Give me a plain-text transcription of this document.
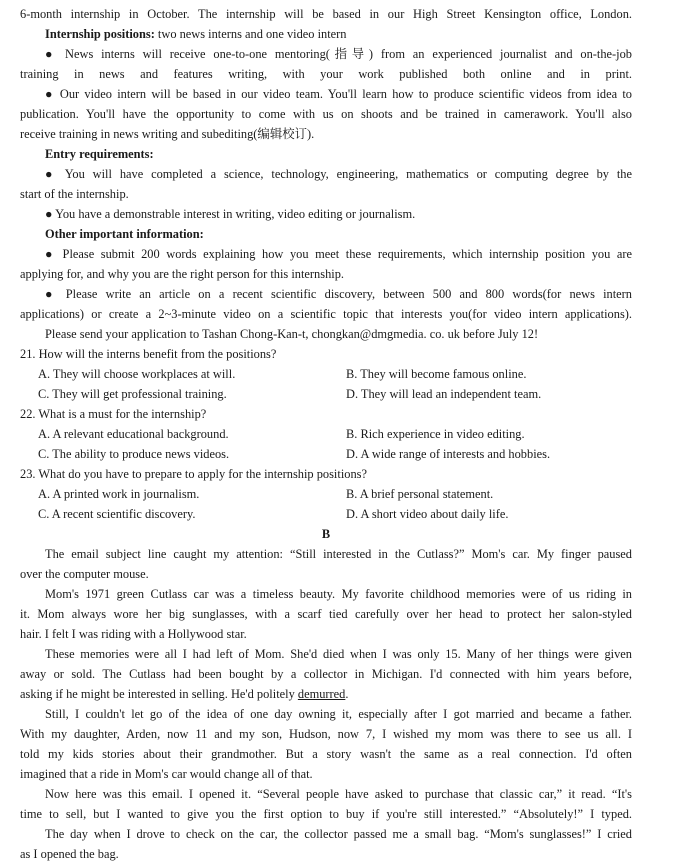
6-month internship in October. The internship will be based in our High Street Kensington office, London.
Internship positions: two news interns and one video intern
● News interns will receive one-to-one mentoring(指导) from an experienced journalist and on-the-job
training in news and features writing, with your work published both online and in print.
● Our video intern will be based in our video team. You'll learn how to produce scientific videos from idea to
publication. You'll have the opportunity to come with us on shoots and be trained in camerawork. You'll also
receive training in news writing and subediting(编辑校订).
Entry requirements:
● You will have completed a science, technology, engineering, mathematics or computing degree by the
start of the internship.
● You have a demonstrable interest in writing, video editing or journalism.
Other important information:
● Please submit 200 words explaining how you meet these requirements, which internship position you are
applying for, and why you are the right person for this internship.
● Please write an article on a recent scientific discovery, between 500 and 800 words(for news intern
applications) or create a 2~3-minute video on a scientific topic that interests you(for video intern applications).
Please send your application to Tashan Chong-Kan-t, chongkan@dmgmedia. co. uk before July 12!
21. How will the interns benefit from the positions?
A. They will choose workplaces at will.	B. They will become famous online.
C. They will get professional training.	D. They will lead an independent team.
22. What is a must for the internship?
A. A relevant educational background.	B. Rich experience in video editing.
C. The ability to produce news videos.	D. A wide range of interests and hobbies.
23. What do you have to prepare to apply for the internship positions?
A. A printed work in journalism.	B. A brief personal statement.
C. A recent scientific discovery.	D. A short video about daily life.
B
The email subject line caught my attention: “Still interested in the Cutlass?” Mom's car. My finger paused
over the computer mouse.
Mom's 1971 green Cutlass car was a timeless beauty. My favorite childhood memories were of us riding in
it. Mom always wore her big sunglasses, with a scarf tied carefully over her head to protect her salon-styled
hair. I felt I was riding with a Hollywood star.
These memories were all I had left of Mom. She'd died when I was only 15. Many of her things were given
away or sold. The Cutlass had been bought by a collector in Michigan. I'd connected with him years before,
asking if he might be interested in selling. He'd politely demurred.
Still, I couldn't let go of the idea of one day owning it, especially after I got married and became a father.
With my daughter, Arden, now 11 and my son, Hudson, now 7, I wished my mom was there to see us all. I
told my kids stories about their grandmother. But a story wasn't the same as a real connection. I'd often
imagined that a ride in Mom's car would change all of that.
Now here was this email. I opened it. “Several people have asked to purchase that classic car,” it read. “It's
time to sell, but I wanted to give you the first option to buy if you're still interested.” “Absolutely!” I typed.
The day when I drove to check on the car, the collector passed me a small bag. “Mom's sunglasses!” I cried
as I opened the bag.
